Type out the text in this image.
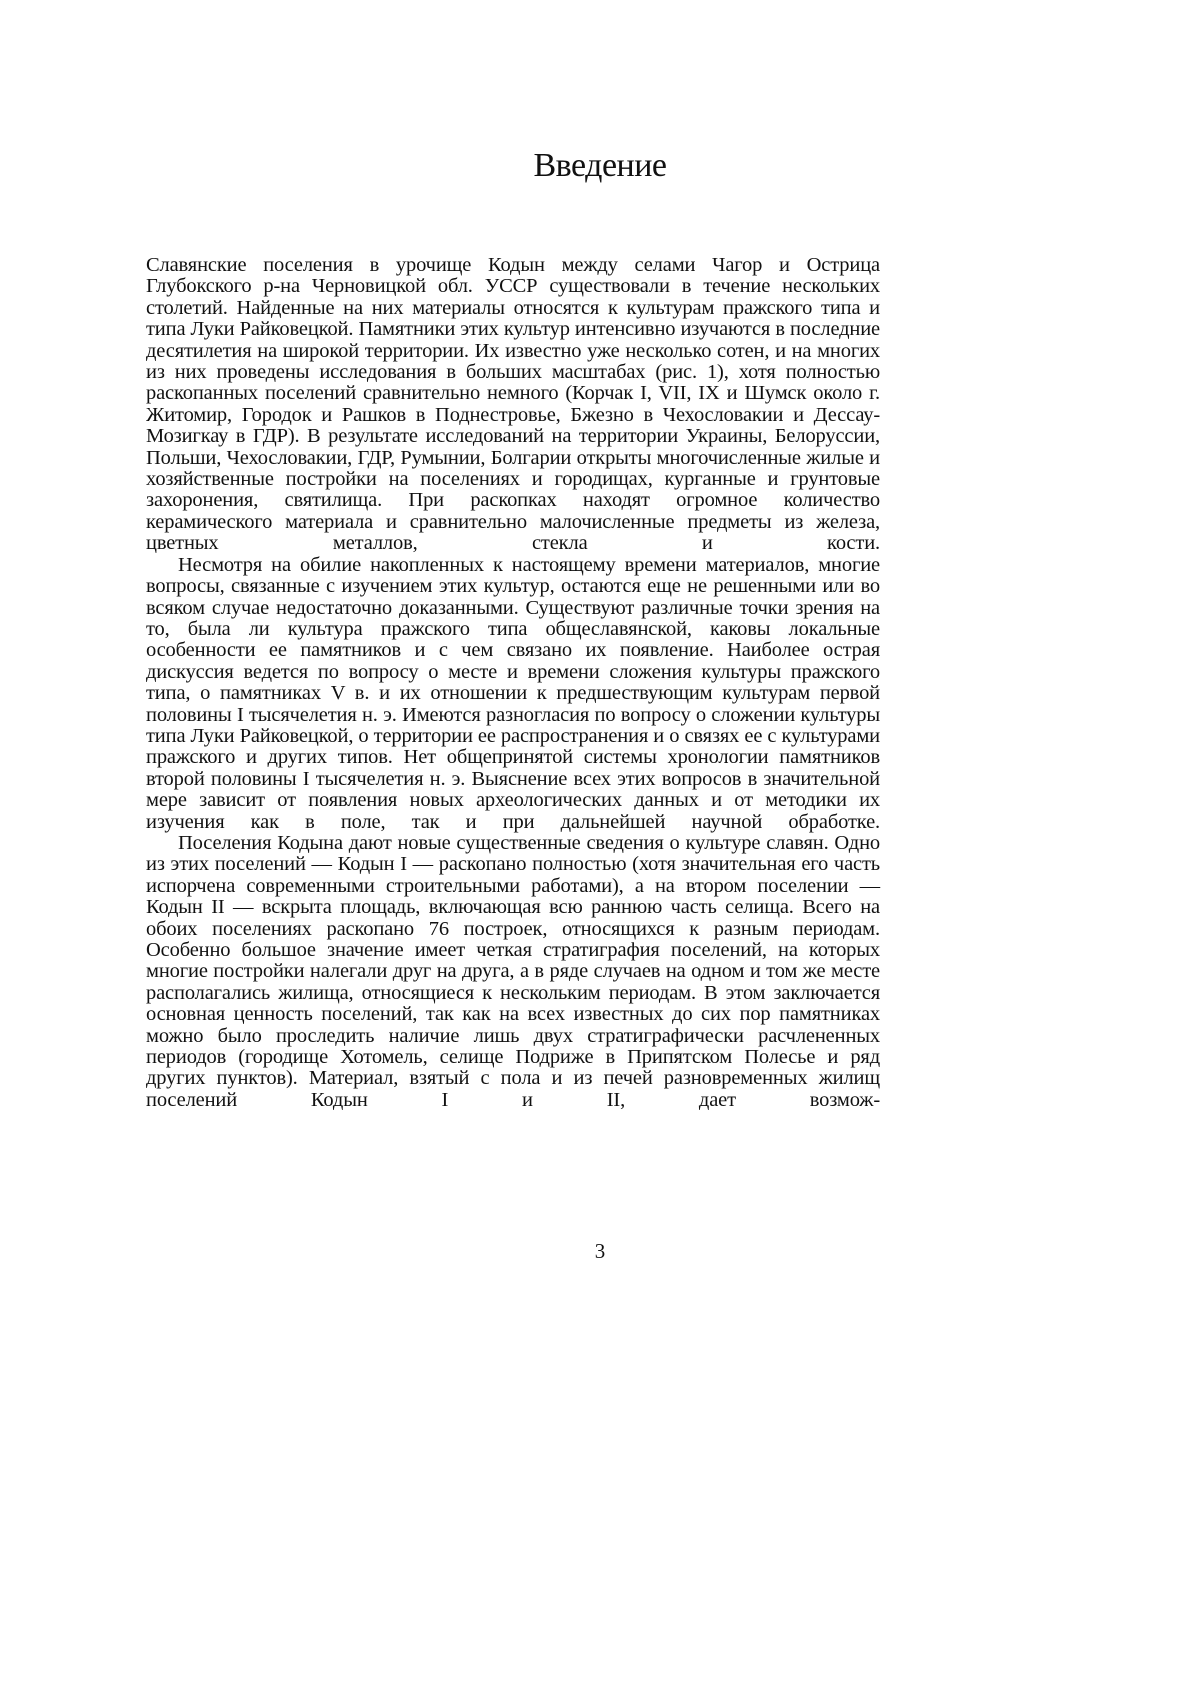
Введение

Славянские поселения в урочище Кодын между селами Чагор и Острица Глубокского р-на Черновицкой обл. УССР существовали в течение нескольких столетий. Найденные на них материалы относятся к культурам пражского типа и типа Луки Райковецкой. Памятники этих культур интенсивно изучаются в последние десятилетия на широкой территории. Их известно уже несколько сотен, и на многих из них проведены исследования в больших масштабах (рис. 1), хотя полностью раскопанных поселений сравнительно немного (Корчак I, VII, IX и Шумск около г. Житомир, Городок и Рашков в Поднестровье, Бжезно в Чехословакии и Дессау-Мозигкау в ГДР). В результате исследований на территории Украины, Белоруссии, Польши, Чехословакии, ГДР, Румынии, Болгарии открыты многочисленные жилые и хозяйственные постройки на поселениях и городищах, курганные и грунтовые захоронения, святилища. При раскопках находят огромное количество керамического материала и сравнительно малочисленные предметы из железа, цветных металлов, стекла и кости.

Несмотря на обилие накопленных к настоящему времени материалов, многие вопросы, связанные с изучением этих культур, остаются еще не решенными или во всяком случае недостаточно доказанными. Существуют различные точки зрения на то, была ли культура пражского типа общеславянской, каковы локальные особенности ее памятников и с чем связано их появление. Наиболее острая дискуссия ведется по вопросу о месте и времени сложения культуры пражского типа, о памятниках V в. и их отношении к предшествующим культурам первой половины I тысячелетия н. э. Имеются разногласия по вопросу о сложении культуры типа Луки Райковецкой, о территории ее распространения и о связях ее с культурами пражского и других типов. Нет общепринятой системы хронологии памятников второй половины I тысячелетия н. э. Выяснение всех этих вопросов в значительной мере зависит от появления новых археологических данных и от методики их изучения как в поле, так и при дальнейшей научной обработке.

Поселения Кодына дают новые существенные сведения о культуре славян. Одно из этих поселений — Кодын I — раскопано полностью (хотя значительная его часть испорчена современными строительными работами), а на втором поселении — Кодын II — вскрыта площадь, включающая всю раннюю часть селища. Всего на обоих поселениях раскопано 76 построек, относящихся к разным периодам. Особенно большое значение имеет четкая стратиграфия поселений, на которых многие постройки налегали друг на друга, а в ряде случаев на одном и том же месте располагались жилища, относящиеся к нескольким периодам. В этом заключается основная ценность поселений, так как на всех известных до сих пор памятниках можно было проследить наличие лишь двух стратиграфически расчлененных периодов (городище Хотомель, селище Подриже в Припятском Полесье и ряд других пунктов). Материал, взятый с пола и из печей разновременных жилищ поселений Кодын I и II, дает возмож-

3
